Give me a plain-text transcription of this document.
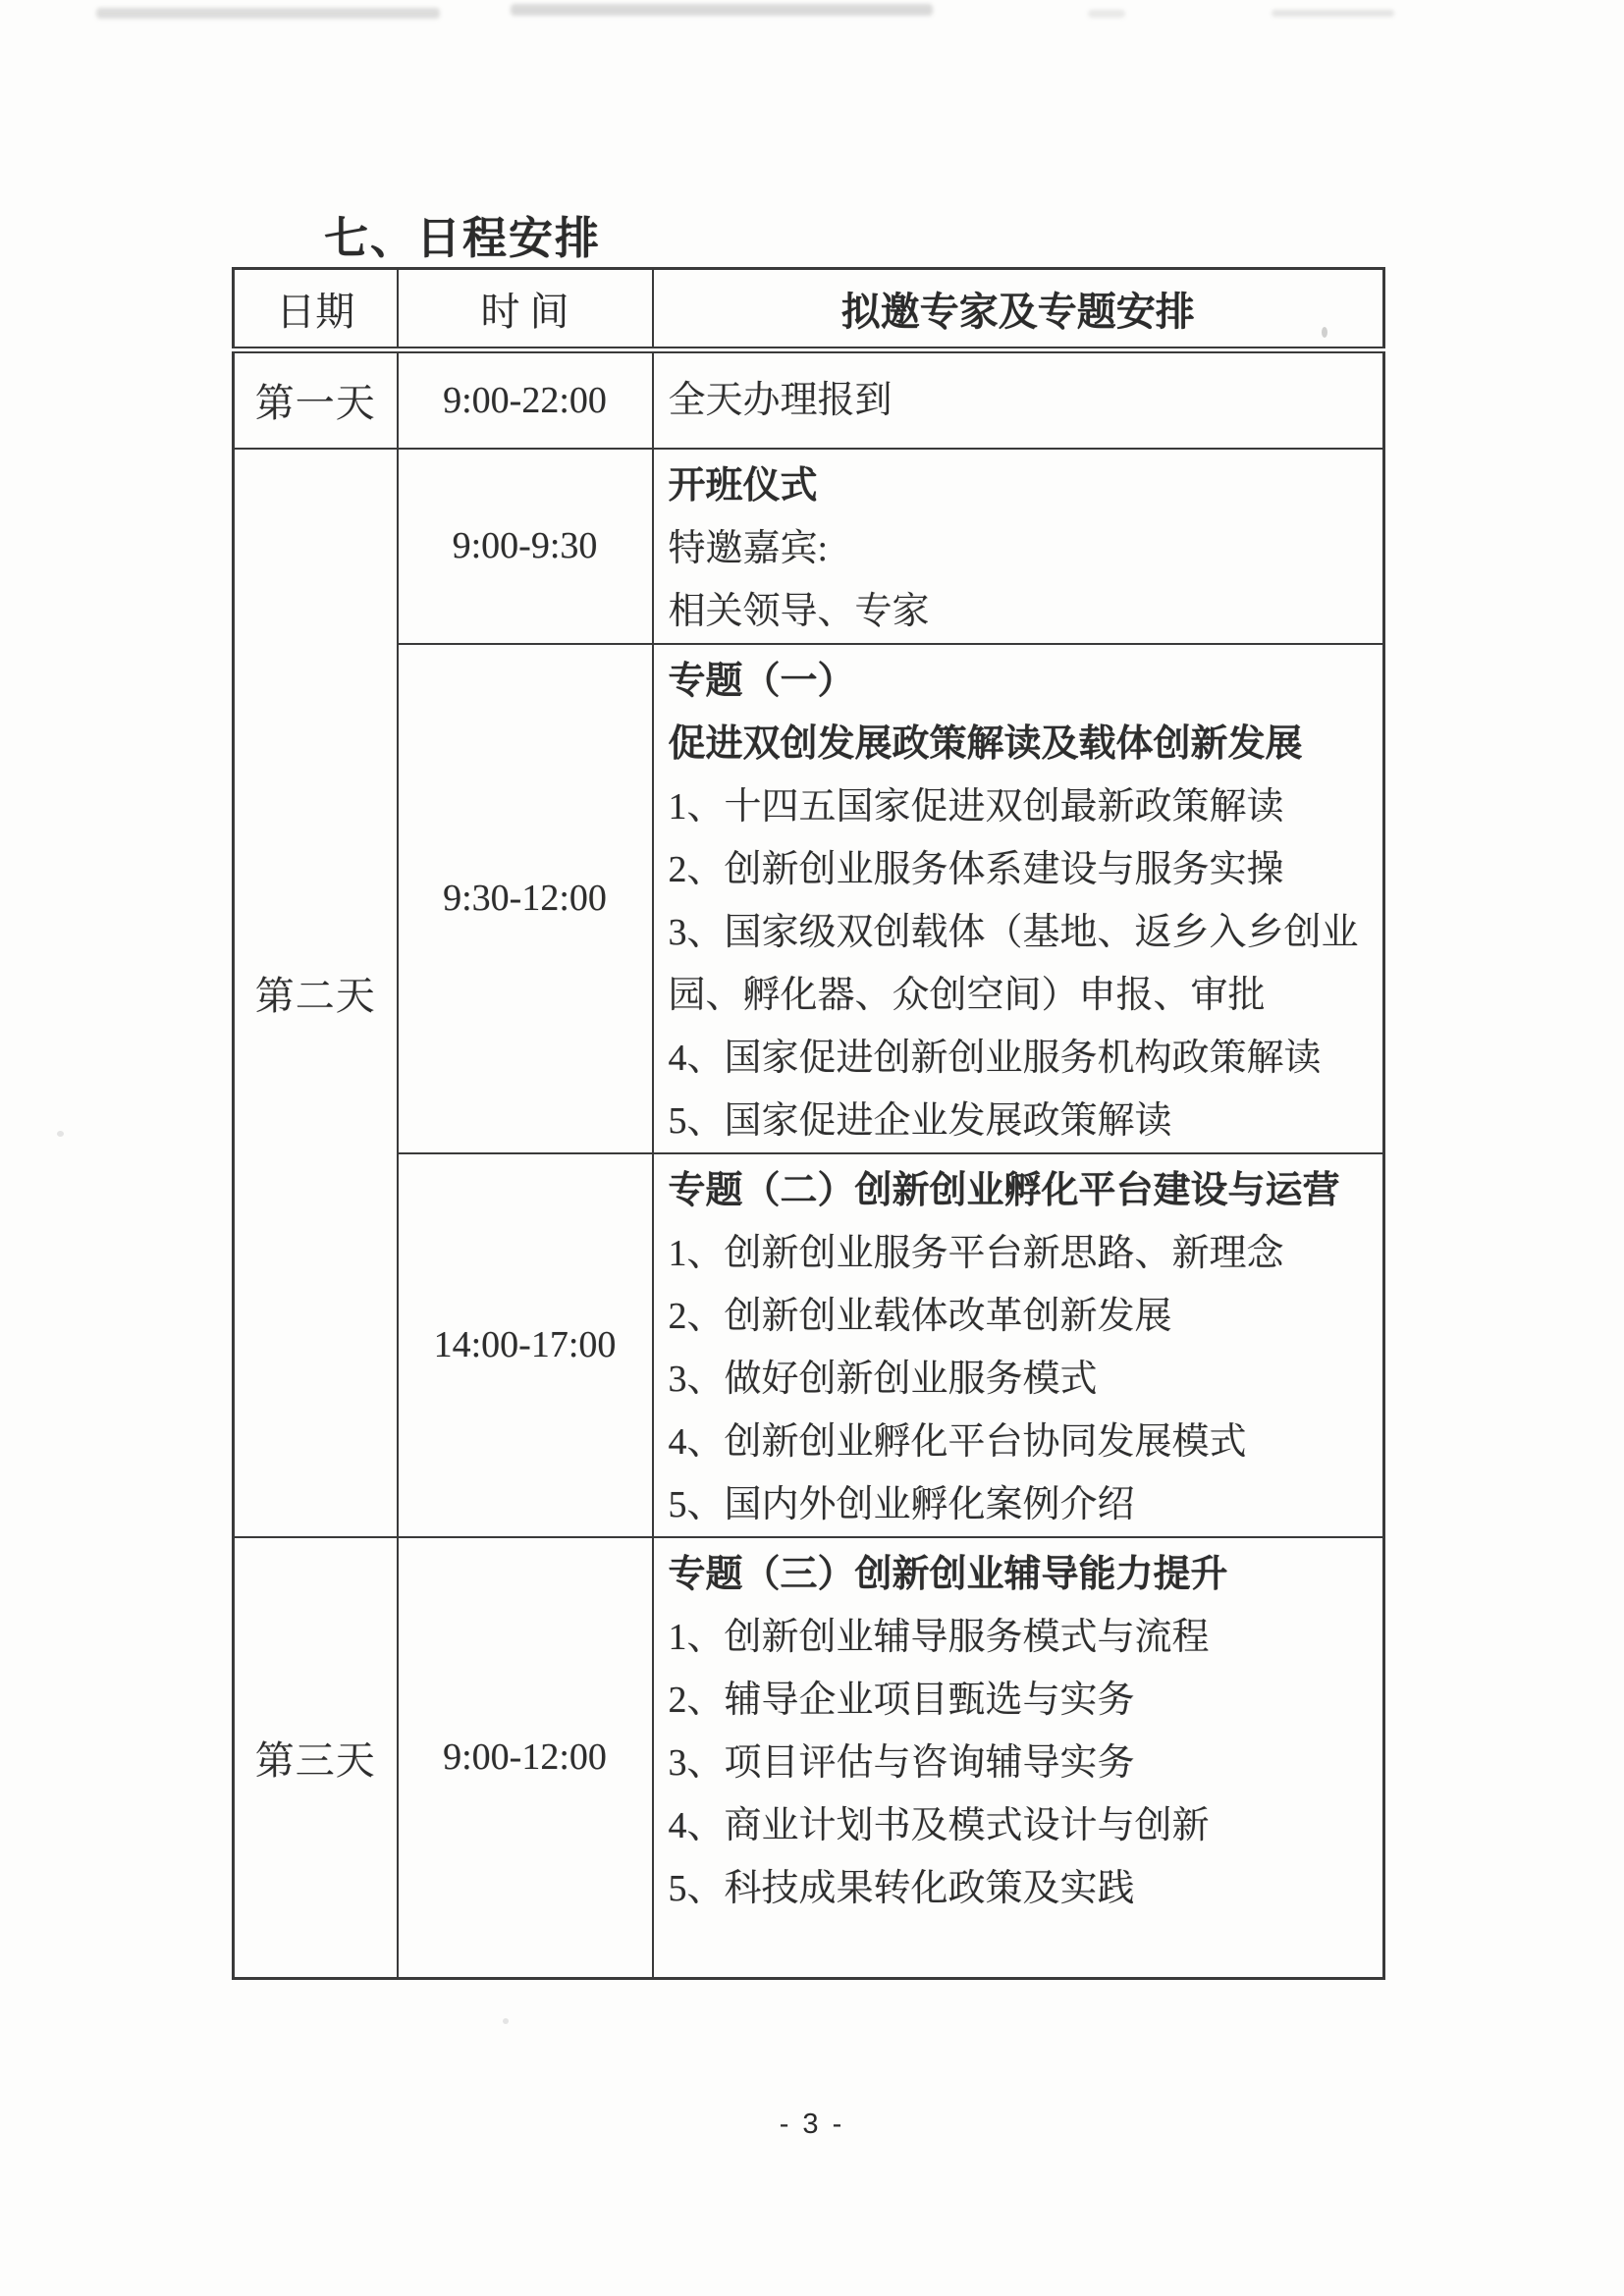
七、日程安排
日期	时 间	拟邀专家及专题安排
第一天	9:00-22:00	全天办理报到

第二天	9:00-9:30	开班仪式
特邀嘉宾:
相关领导、专家

9:30-12:00	
专题（一）
促进双创发展政策解读及载体创新发展
1、十四五国家促进双创最新政策解读
2、创新创业服务体系建设与服务实操
3、国家级双创载体（基地、返乡入乡创业园、孵化器、众创空间）申报、审批
4、国家促进创新创业服务机构政策解读
5、国家促进企业发展政策解读

14:00-17:00	
专题（二）创新创业孵化平台建设与运营
1、创新创业服务平台新思路、新理念
2、创新创业载体改革创新发展
3、做好创新创业服务模式
4、创新创业孵化平台协同发展模式
5、国内外创业孵化案例介绍

第三天	9:00-12:00	
专题（三）创新创业辅导能力提升
1、创新创业辅导服务模式与流程
2、辅导企业项目甄选与实务
3、项目评估与咨询辅导实务
4、商业计划书及模式设计与创新
5、科技成果转化政策及实践
- 3 -
